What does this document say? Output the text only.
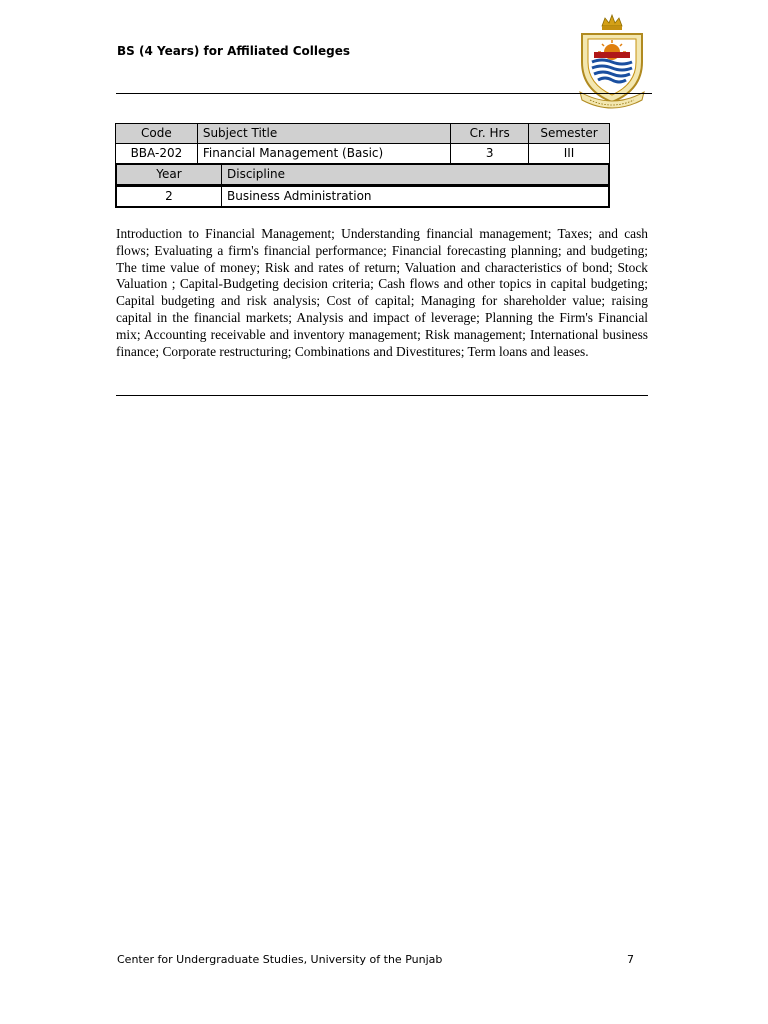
BS (4 Years) for Affiliated Colleges
Code	Subject Title	Cr. Hrs	Semester
BBA-202	Financial Management (Basic)	3	III

Year	Discipline

2	Business Administration
Introduction to Financial Management; Understanding financial management; Taxes; and cash flows; Evaluating a firm's financial performance; Financial forecasting planning; and budgeting; The time value of money; Risk and rates of return; Valuation and characteristics of bond; Stock Valuation ; Capital-Budgeting decision criteria; Cash flows and other topics in capital budgeting; Capital budgeting and risk analysis; Cost of capital; Managing for shareholder value; raising capital in the financial markets; Analysis and impact of leverage; Planning the Firm's Financial mix; Accounting receivable and inventory management; Risk management; International business finance; Corporate restructuring; Combinations and Divestitures; Term loans and leases.
Center for Undergraduate Studies, University of the Punjab	7
